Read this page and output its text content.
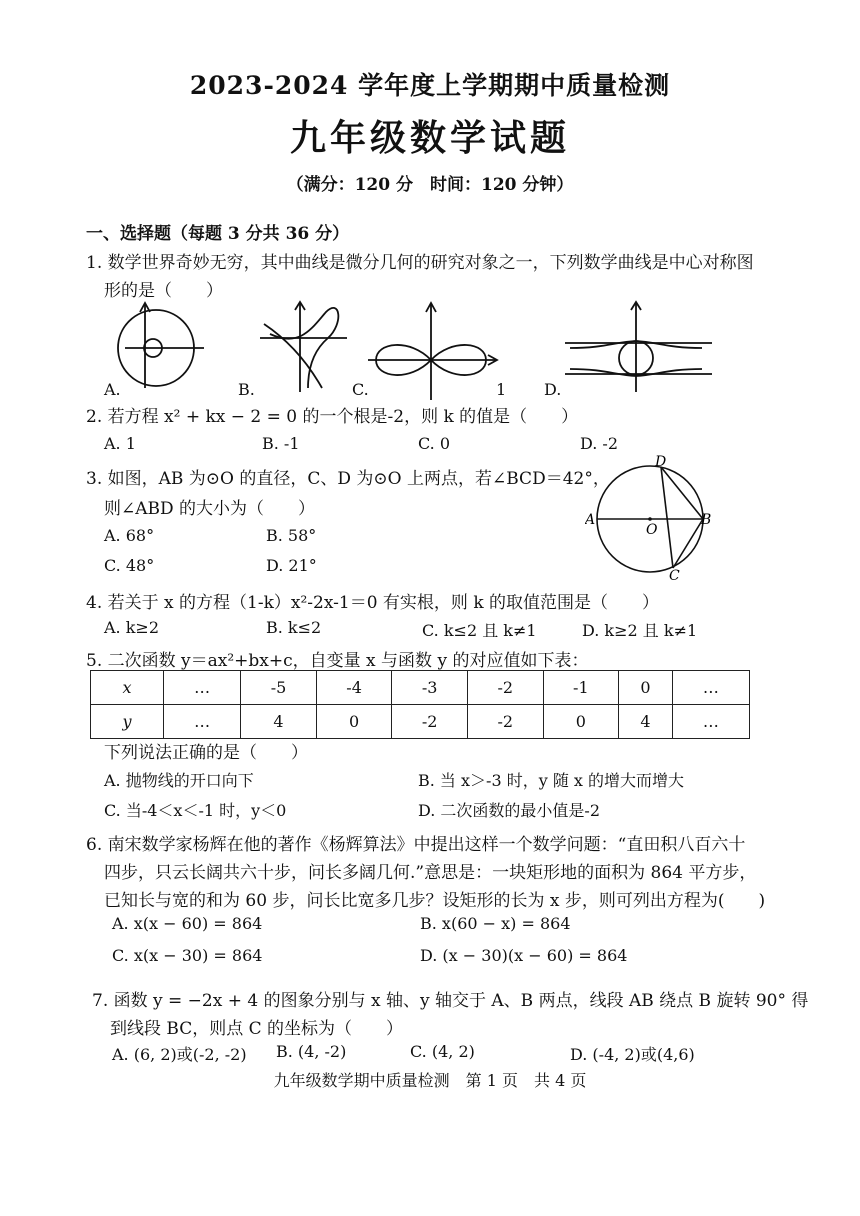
2023-2024 学年度上学期期中质量检测
九年级数学试题
（满分：120 分　时间：120 分钟）
一、选择题（每题 3 分共 36 分）
1. 数学世界奇妙无穷，其中曲线是微分几何的研究对象之一，下列数学曲线是中心对称图
形的是（　　）
A.	B.	C.	1 D.
2. 若方程 x² + kx − 2 = 0 的一个根是-2，则 k 的值是（　　）
A. 1	B. -1	C. 0	D. -2
3. 如图，AB 为⊙O 的直径，C、D 为⊙O 上两点，若∠BCD＝42°，
则∠ABD 的大小为（　　）
A. 68°	B. 58°
C. 48°	D. 21°
D
A	B
O
C
4. 若关于 x 的方程（1-k）x²-2x-1＝0 有实根，则 k 的取值范围是（　　）
A. k≥2	B. k≤2	C. k≤2 且 k≠1	D. k≥2 且 k≠1
5. 二次函数 y＝ax²+bx+c，自变量 x 与函数 y 的对应值如下表：
x	…	-5	-4	-3	-2	-1	0	…
y	…	4	0	-2	-2	0	4	…
下列说法正确的是（　　）
A. 抛物线的开口向下	B. 当 x＞-3 时，y 随 x 的增大而增大
C. 当-4＜x＜-1 时，y＜0	D. 二次函数的最小值是-2
6. 南宋数学家杨辉在他的著作《杨辉算法》中提出这样一个数学问题：“直田积八百六十
四步，只云长阔共六十步，问长多阔几何.”意思是：一块矩形地的面积为 864 平方步，
已知长与宽的和为 60 步，问长比宽多几步？设矩形的长为 x 步，则可列出方程为(　　)
A. x(x − 60) = 864	B. x(60 − x) = 864
C. x(x − 30) = 864	D. (x − 30)(x − 60) = 864
7. 函数 y = −2x + 4 的图象分别与 x 轴、y 轴交于 A、B 两点，线段 AB 绕点 B 旋转 90° 得
到线段 BC，则点 C 的坐标为（　　）
A. (6, 2)或(-2, -2) B. (4, -2)	C. (4, 2)	D. (-4, 2)或(4,6)
九年级数学期中质量检测　第 1 页　共 4 页
